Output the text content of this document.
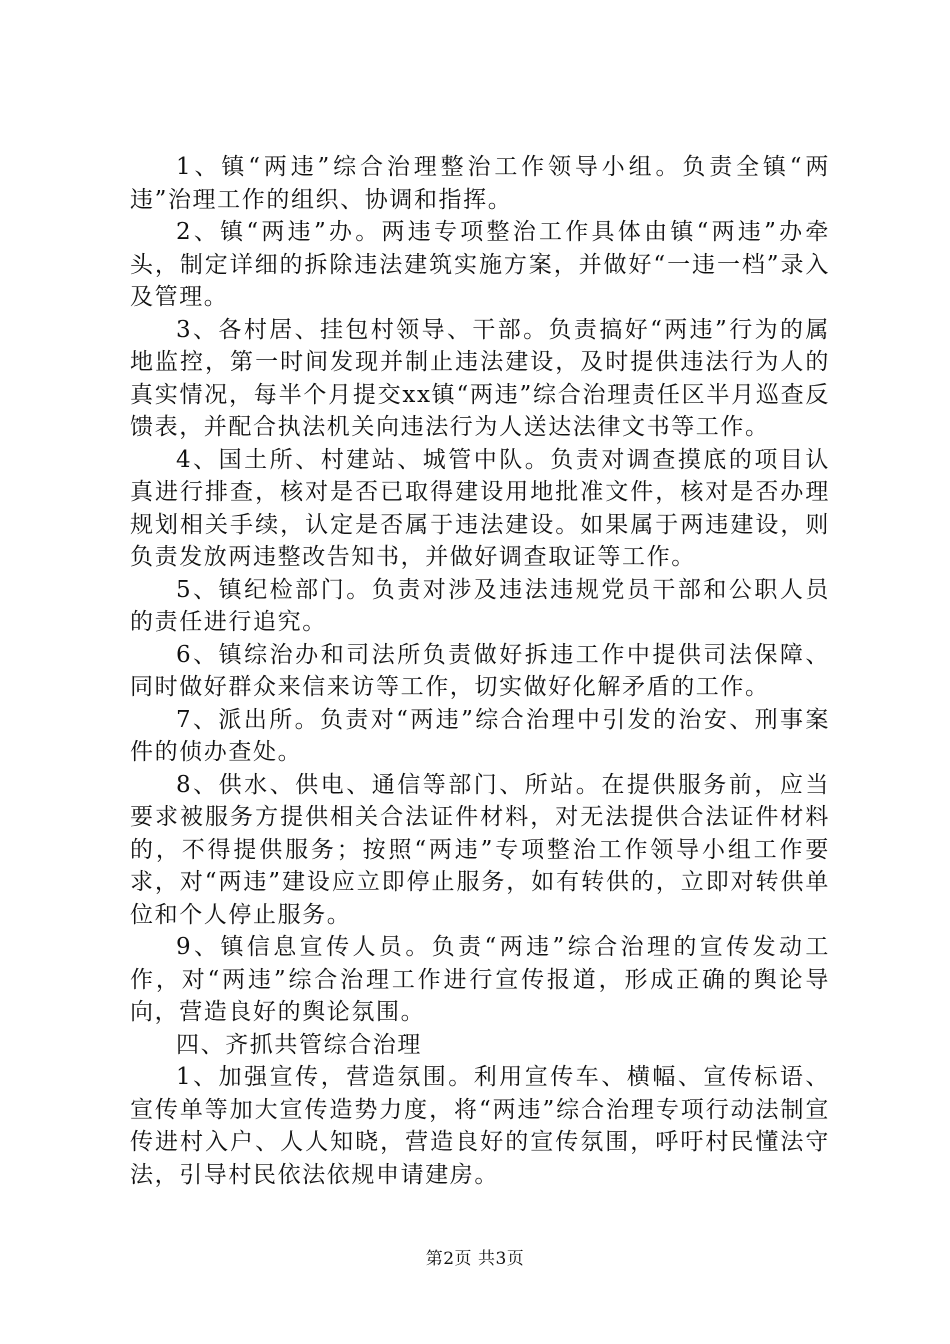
1、镇“两违”综合治理整治工作领导小组。负责全镇“两违”治理工作的组织、协调和指挥。

2、镇“两违”办。两违专项整治工作具体由镇“两违”办牵头，制定详细的拆除违法建筑实施方案，并做好“一违一档”录入及管理。

3、各村居、挂包村领导、干部。负责搞好“两违”行为的属地监控，第一时间发现并制止违法建设，及时提供违法行为人的真实情况，每半个月提交xx镇“两违”综合治理责任区半月巡查反馈表，并配合执法机关向违法行为人送达法律文书等工作。

4、国土所、村建站、城管中队。负责对调查摸底的项目认真进行排查，核对是否已取得建设用地批准文件，核对是否办理规划相关手续，认定是否属于违法建设。如果属于两违建设，则负责发放两违整改告知书，并做好调查取证等工作。

5、镇纪检部门。负责对涉及违法违规党员干部和公职人员的责任进行追究。

6、镇综治办和司法所负责做好拆违工作中提供司法保障、同时做好群众来信来访等工作，切实做好化解矛盾的工作。

7、派出所。负责对“两违”综合治理中引发的治安、刑事案件的侦办查处。

8、供水、供电、通信等部门、所站。在提供服务前，应当要求被服务方提供相关合法证件材料，对无法提供合法证件材料的，不得提供服务；按照“两违”专项整治工作领导小组工作要求，对“两违”建设应立即停止服务，如有转供的，立即对转供单位和个人停止服务。

9、镇信息宣传人员。负责“两违”综合治理的宣传发动工作，对“两违”综合治理工作进行宣传报道，形成正确的舆论导向，营造良好的舆论氛围。

四、齐抓共管综合治理

1、加强宣传，营造氛围。利用宣传车、横幅、宣传标语、宣传单等加大宣传造势力度，将“两违”综合治理专项行动法制宣传进村入户、人人知晓，营造良好的宣传氛围，呼吁村民懂法守法，引导村民依法依规申请建房。

第2页 共3页
